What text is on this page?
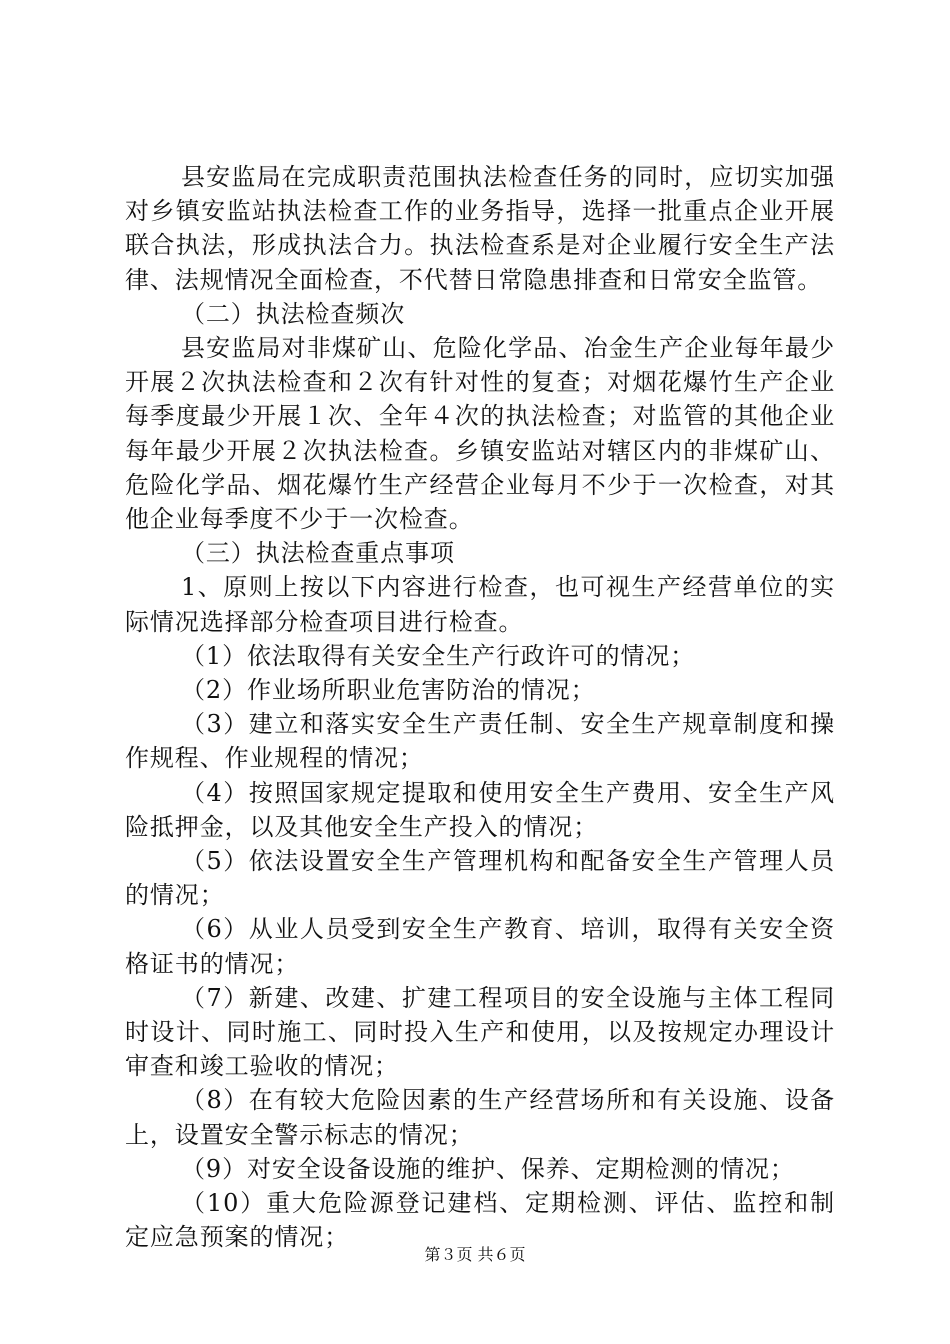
县安监局在完成职责范围执法检查任务的同时，应切实加强对乡镇安监站执法检查工作的业务指导，选择一批重点企业开展联合执法，形成执法合力。执法检查系是对企业履行安全生产法律、法规情况全面检查，不代替日常隐患排查和日常安全监管。

（二）执法检查频次

县安监局对非煤矿山、危险化学品、冶金生产企业每年最少开展２次执法检查和２次有针对性的复查；对烟花爆竹生产企业每季度最少开展１次、全年４次的执法检查；对监管的其他企业每年最少开展２次执法检查。乡镇安监站对辖区内的非煤矿山、危险化学品、烟花爆竹生产经营企业每月不少于一次检查，对其他企业每季度不少于一次检查。

（三）执法检查重点事项

1、原则上按以下内容进行检查，也可视生产经营单位的实际情况选择部分检查项目进行检查。

（1）依法取得有关安全生产行政许可的情况；

（2）作业场所职业危害防治的情况；

（3）建立和落实安全生产责任制、安全生产规章制度和操作规程、作业规程的情况；

（4）按照国家规定提取和使用安全生产费用、安全生产风险抵押金，以及其他安全生产投入的情况；

（5）依法设置安全生产管理机构和配备安全生产管理人员的情况；

（6）从业人员受到安全生产教育、培训，取得有关安全资格证书的情况；

（7）新建、改建、扩建工程项目的安全设施与主体工程同时设计、同时施工、同时投入生产和使用，以及按规定办理设计审查和竣工验收的情况；

（8）在有较大危险因素的生产经营场所和有关设施、设备上，设置安全警示标志的情况；

（9）对安全设备设施的维护、保养、定期检测的情况；

（10）重大危险源登记建档、定期检测、评估、监控和制定应急预案的情况；

第３页 共６页
